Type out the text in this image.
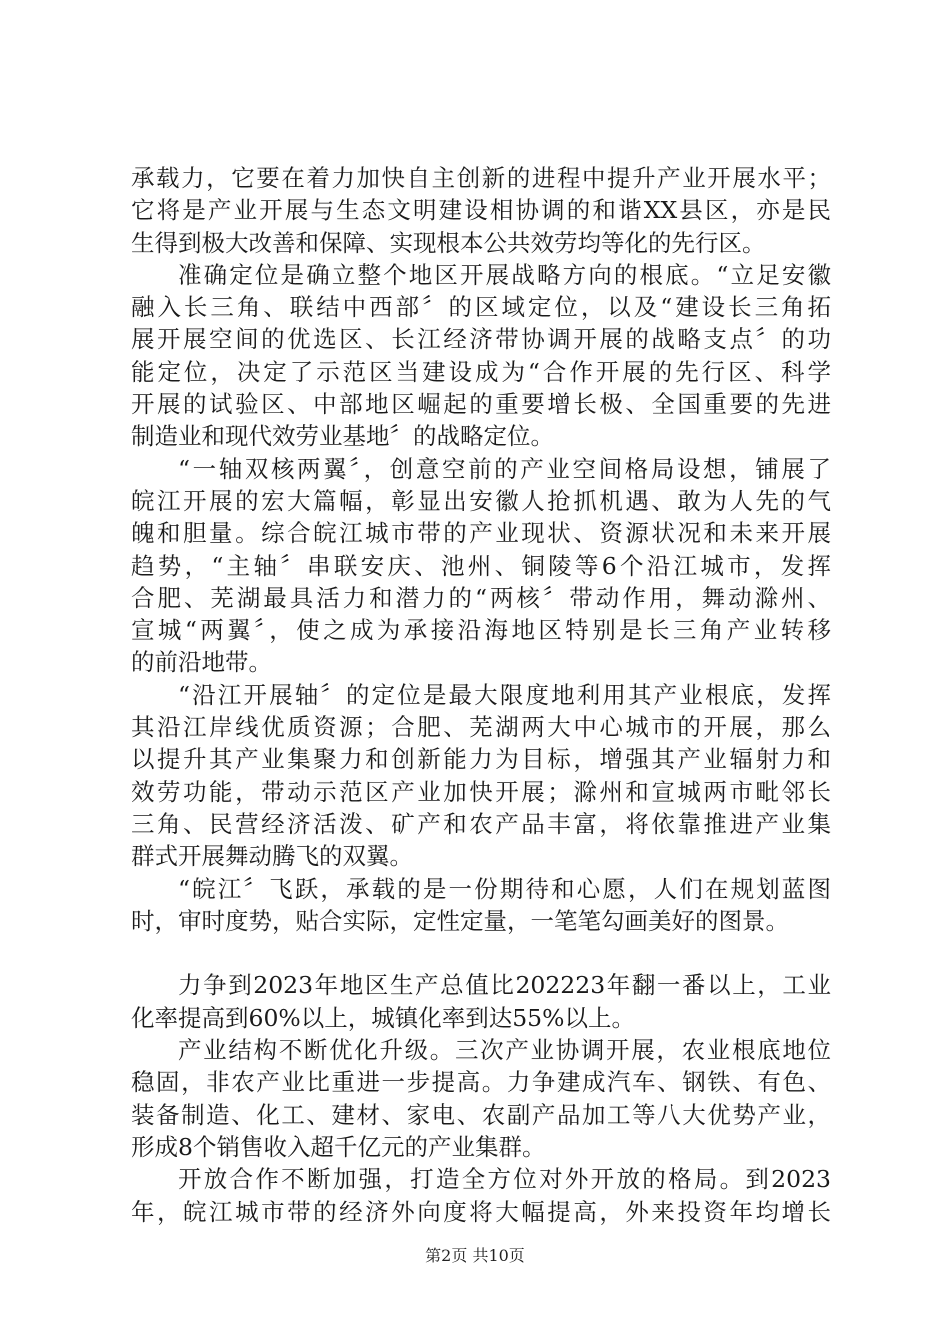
承载力，它要在着力加快自主创新的进程中提升产业开展水平；
它将是产业开展与生态文明建设相协调的和谐XX县区，亦是民
生得到极大改善和保障、实现根本公共效劳均等化的先行区。
准确定位是确立整个地区开展战略方向的根底。“立足安徽
融入长三角、联结中西部〞的区域定位，以及“建设长三角拓
展开展空间的优选区、长江经济带协调开展的战略支点〞的功
能定位，决定了示范区当建设成为“合作开展的先行区、科学
开展的试验区、中部地区崛起的重要增长极、全国重要的先进
制造业和现代效劳业基地〞的战略定位。
“一轴双核两翼〞，创意空前的产业空间格局设想，铺展了
皖江开展的宏大篇幅，彰显出安徽人抢抓机遇、敢为人先的气
魄和胆量。综合皖江城市带的产业现状、资源状况和未来开展
趋势，“主轴〞串联安庆、池州、铜陵等6个沿江城市，发挥
合肥、芜湖最具活力和潜力的“两核〞带动作用，舞动滁州、
宣城“两翼〞，使之成为承接沿海地区特别是长三角产业转移
的前沿地带。
“沿江开展轴〞的定位是最大限度地利用其产业根底，发挥
其沿江岸线优质资源；合肥、芜湖两大中心城市的开展，那么
以提升其产业集聚力和创新能力为目标，增强其产业辐射力和
效劳功能，带动示范区产业加快开展；滁州和宣城两市毗邻长
三角、民营经济活泼、矿产和农产品丰富，将依靠推进产业集
群式开展舞动腾飞的双翼。
“皖江〞飞跃，承载的是一份期待和心愿，人们在规划蓝图
时，审时度势，贴合实际，定性定量，一笔笔勾画美好的图景。
力争到2023年地区生产总值比202223年翻一番以上，工业
化率提高到60%以上，城镇化率到达55%以上。
产业结构不断优化升级。三次产业协调开展，农业根底地位
稳固，非农产业比重进一步提高。力争建成汽车、钢铁、有色、
装备制造、化工、建材、家电、农副产品加工等八大优势产业，
形成8个销售收入超千亿元的产业集群。
开放合作不断加强，打造全方位对外开放的格局。到2023
年，皖江城市带的经济外向度将大幅提高，外来投资年均增长
第2页 共10页
